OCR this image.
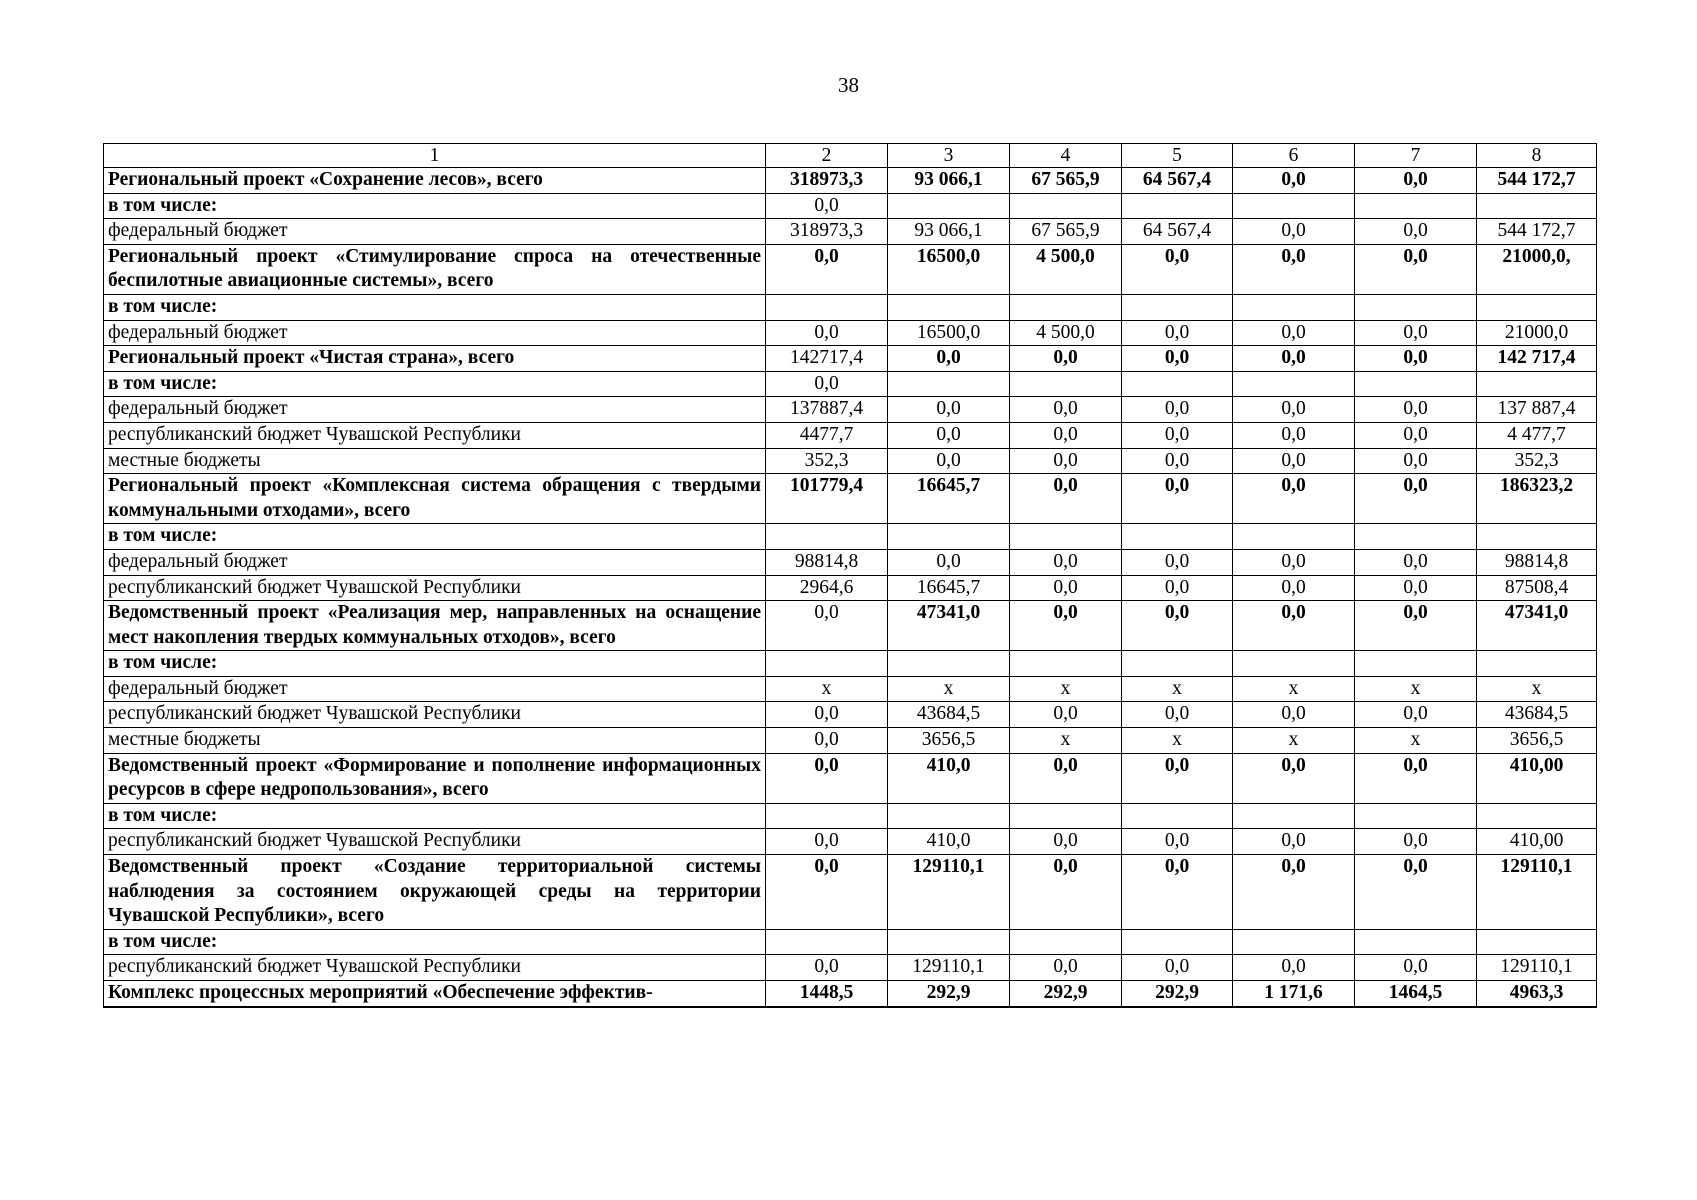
38
1	2	3	4	5	6	7	8
Региональный проект «Сохранение лесов», всего	318973,3	93 066,1	67 565,9	64 567,4	0,0	0,0	544 172,7
в том числе:	0,0						
федеральный бюджет	318973,3	93 066,1	67 565,9	64 567,4	0,0	0,0	544 172,7
Региональный проект «Стимулирование спроса на отечественные беспилотные авиационные системы», всего	0,0	16500,0	4 500,0	0,0	0,0	0,0	21000,0,
в том числе:							
федеральный бюджет	0,0	16500,0	4 500,0	0,0	0,0	0,0	21000,0
Региональный проект «Чистая страна», всего	142717,4	0,0	0,0	0,0	0,0	0,0	142 717,4
в том числе:	0,0						
федеральный бюджет	137887,4	0,0	0,0	0,0	0,0	0,0	137 887,4
республиканский бюджет Чувашской Республики	4477,7	0,0	0,0	0,0	0,0	0,0	4 477,7
местные бюджеты	352,3	0,0	0,0	0,0	0,0	0,0	352,3
Региональный проект «Комплексная система обращения с твердыми коммунальными отходами», всего	101779,4	16645,7	0,0	0,0	0,0	0,0	186323,2
в том числе:							
федеральный бюджет	98814,8	0,0	0,0	0,0	0,0	0,0	98814,8
республиканский бюджет Чувашской Республики	2964,6	16645,7	0,0	0,0	0,0	0,0	87508,4
Ведомственный проект «Реализация мер, направленных на оснащение мест накопления твердых коммунальных отходов», всего	0,0	47341,0	0,0	0,0	0,0	0,0	47341,0
в том числе:							
федеральный бюджет	х	х	х	х	х	х	х
республиканский бюджет Чувашской Республики	0,0	43684,5	0,0	0,0	0,0	0,0	43684,5
местные бюджеты	0,0	3656,5	х	х	х	х	3656,5
Ведомственный проект «Формирование и пополнение информационных ресурсов в сфере недропользования», всего	0,0	410,0	0,0	0,0	0,0	0,0	410,00
в том числе:							
республиканский бюджет Чувашской Республики	0,0	410,0	0,0	0,0	0,0	0,0	410,00
Ведомственный проект «Создание территориальной системы наблюдения за состоянием окружающей среды на территории Чувашской Республики», всего	0,0	129110,1	0,0	0,0	0,0	0,0	129110,1
в том числе:							
республиканский бюджет Чувашской Республики	0,0	129110,1	0,0	0,0	0,0	0,0	129110,1
Комплекс процессных мероприятий «Обеспечение эффектив-	1448,5	292,9	292,9	292,9	1 171,6	1464,5	4963,3
